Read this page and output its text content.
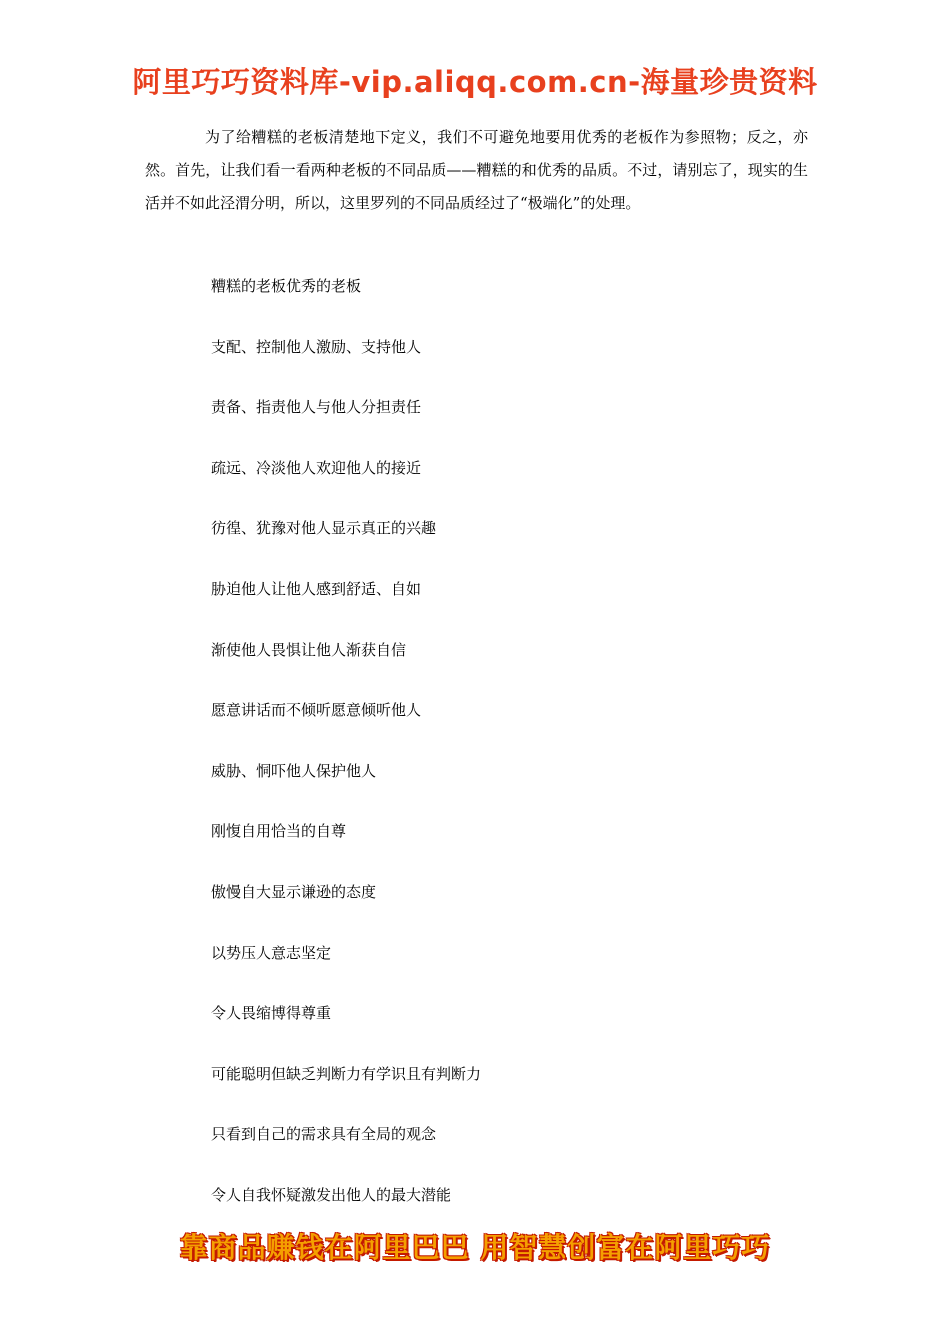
阿里巧巧资料库-vip.aliqq.com.cn-海量珍贵资料

为了给糟糕的老板清楚地下定义，我们不可避免地要用优秀的老板作为参照物；反之，亦然。首先，让我们看一看两种老板的不同品质——糟糕的和优秀的品质。不过，请别忘了，现实的生活并不如此泾渭分明，所以，这里罗列的不同品质经过了“极端化”的处理。

糟糕的老板优秀的老板
支配、控制他人激励、支持他人
责备、指责他人与他人分担责任
疏远、冷淡他人欢迎他人的接近
彷徨、犹豫对他人显示真正的兴趣
胁迫他人让他人感到舒适、自如
渐使他人畏惧让他人渐获自信
愿意讲话而不倾听愿意倾听他人
威胁、恫吓他人保护他人
刚愎自用恰当的自尊
傲慢自大显示谦逊的态度
以势压人意志坚定
令人畏缩博得尊重
可能聪明但缺乏判断力有学识且有判断力
只看到自己的需求具有全局的观念
令人自我怀疑激发出他人的最大潜能
靠商品赚钱在阿里巴巴 用智慧创富在阿里巧巧
